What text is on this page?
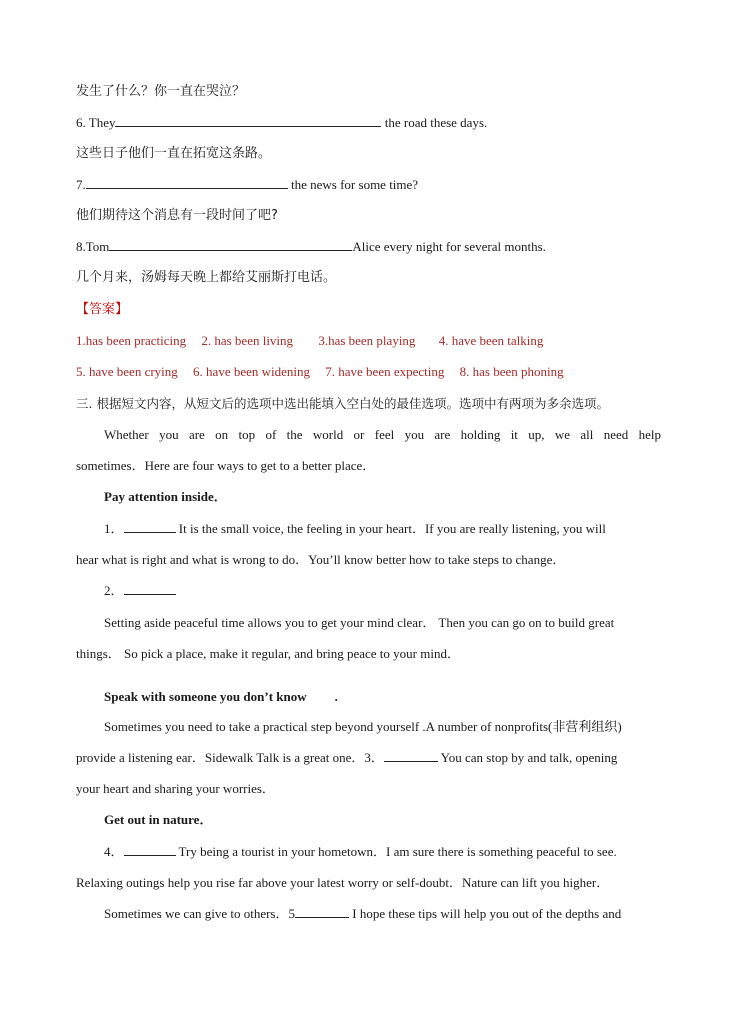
发生了什么？你一直在哭泣？
6. They	the road these days.
这些日子他们一直在拓宽这条路。
7.	the news for some time?
他们期待这个消息有一段时间了吧?
8.Tom	Alice every night for several months.
几个月来，汤姆每天晚上都给艾丽斯打电话。
【答案】
1.has been practicing 2. has been living 3.has been playing 4. have been talking
5. have been crying 6. have been widening 7. have been expecting 8. has been phoning
三. 根据短文内容，从短文后的选项中选出能填入空白处的最佳选项。选项中有两项为多余选项。
Whether you are on top of the world or feel you are holding it up, we all need help
sometimes．Here are four ways to get to a better place．
Pay attention inside．
1．	It is the small voice, the feeling in your heart．If you are really listening, you will
hear what is right and what is wrong to do．You’ll know better how to take steps to change．
2．
Setting aside peaceful time allows you to get your mind clear． Then you can go on to build great
things． So pick a place, make it regular, and bring peace to your mind．
Speak with someone you don’t know .
Sometimes you need to take a practical step beyond yourself .A number of nonprofits(非营利组织)
provide a listening ear．Sidewalk Talk is a great one．3．	You can stop by and talk, opening
your heart and sharing your worries．
Get out in nature．
4．	Try being a tourist in your hometown．I am sure there is something peaceful to see.
Relaxing outings help you rise far above your latest worry or self-doubt．Nature can lift you higher．
Sometimes we can give to others．5	I hope these tips will help you out of the depths and
